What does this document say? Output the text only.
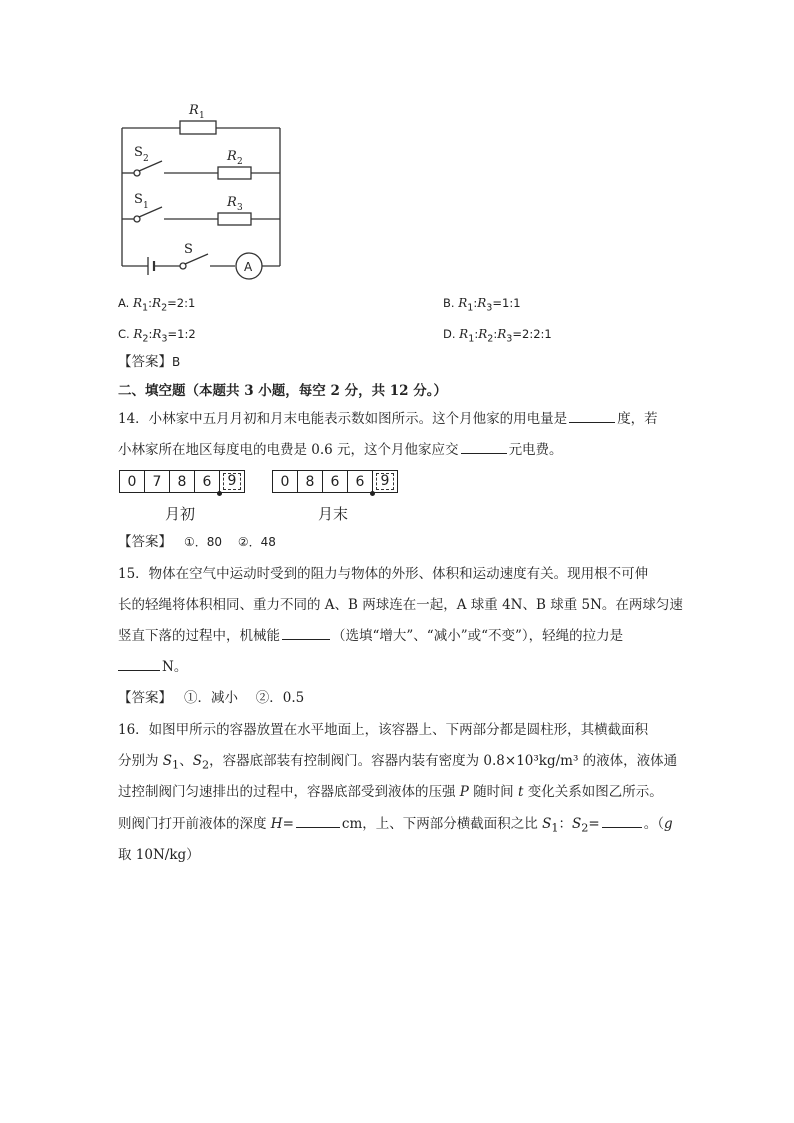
R 1
R 2
R 3
S 2
S 1
S
A
A. $R_1:R_2=2:1$	B. $R_1:R_3=1:1$
C. $R_2:R_3=1:2$	D. $R_1:R_2:R_3=2:2:1$
【答案】B
二、填空题（本题共 3 小题，每空 2 分，共 12 分。）
14．小林家中五月月初和月末电能表示数如图所示。这个月他家的用电量是	度，若
小林家所在地区每度电的电费是 0.6 元，这个月他家应交	元电费。
0	7	8	6	9	0	8	6	6	9
月初	月末
【答案】 ①．80　 ②．48
15．物体在空气中运动时受到的阻力与物体的外形、体积和运动速度有关。现用根不可伸
长的轻绳将体积相同、重力不同的 A、B 两球连在一起，A 球重 4N、B 球重 5N。在两球匀速
竖直下落的过程中，机械能	（选填“增大”、“减小”或“不变”），轻绳的拉力是
N。
【答案】 ①．减小　 ②．0.5
16．如图甲所示的容器放置在水平地面上，该容器上、下两部分都是圆柱形，其横截面积
分别为 $S_1$、$S_2$，容器底部装有控制阀门。容器内装有密度为 0.8×10³kg/m³ 的液体，液体通
过控制阀门匀速排出的过程中，容器底部受到液体的压强 P 随时间 t 变化关系如图乙所示。
则阀门打开前液体的深度 H=	cm，上、下两部分横截面积之比 $S_1$：$S_2=$	。（g
取 10N/kg）
